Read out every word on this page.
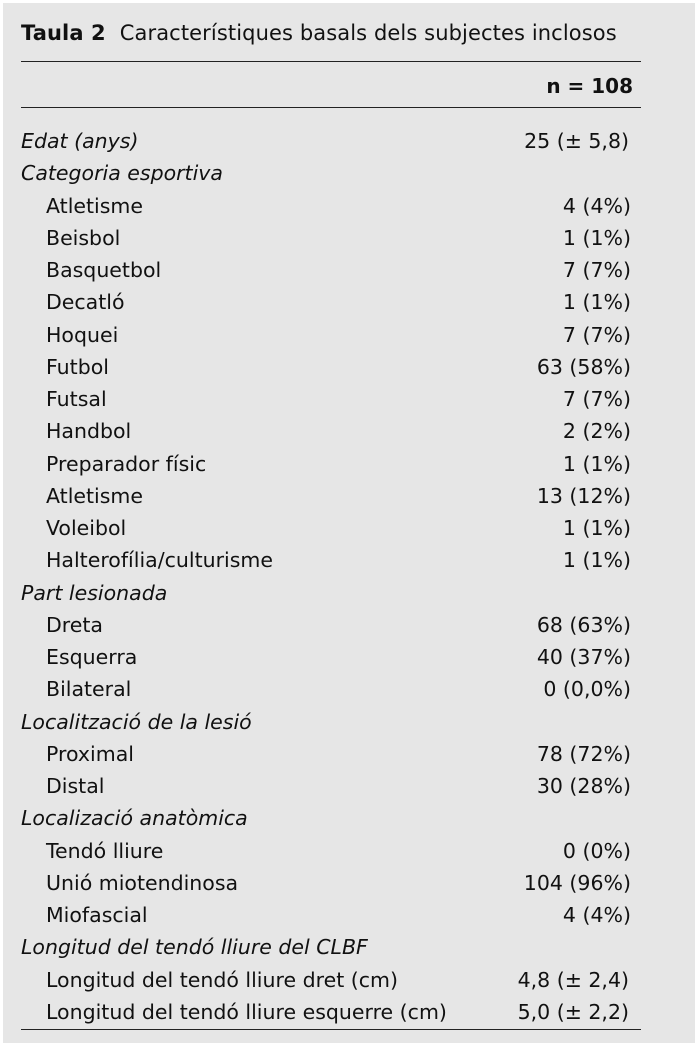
Taula 2 Característiques basals dels subjectes inclosos
n = 108
Edat (anys)	25 (± 5,8)
Categoria esportiva
Atletisme	4 (4%)
Beisbol	1 (1%)
Basquetbol	7 (7%)
Decatló	1 (1%)
Hoquei	7 (7%)
Futbol	63 (58%)
Futsal	7 (7%)
Handbol	2 (2%)
Preparador físic	1 (1%)
Atletisme	13 (12%)
Voleibol	1 (1%)
Halterofília/culturisme	1 (1%)
Part lesionada
Dreta	68 (63%)
Esquerra	40 (37%)
Bilateral	0 (0,0%)
Localització de la lesió
Proximal	78 (72%)
Distal	30 (28%)
Localizació anatòmica
Tendó lliure	0 (0%)
Unió miotendinosa	104 (96%)
Miofascial	4 (4%)
Longitud del tendó lliure del CLBF
Longitud del tendó lliure dret (cm)	4,8 (± 2,4)
Longitud del tendó lliure esquerre (cm)	5,0 (± 2,2)
